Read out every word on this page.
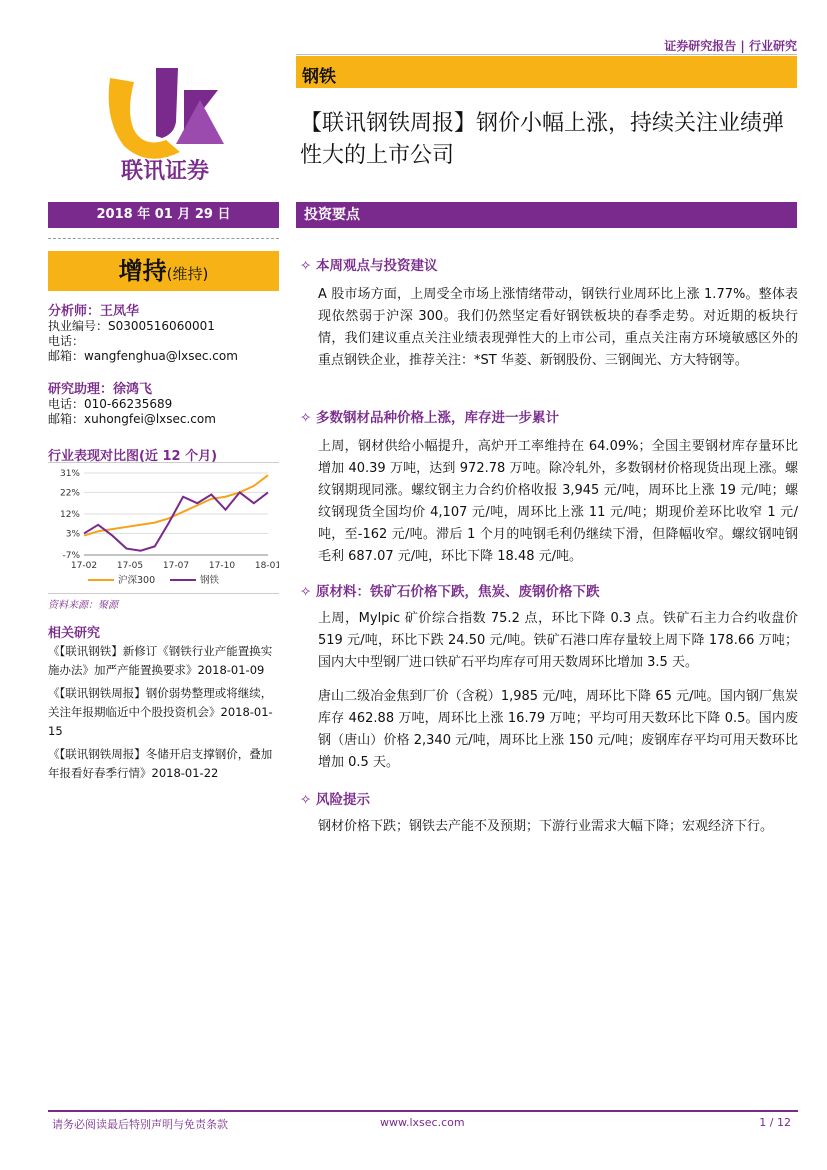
证券研究报告 | 行业研究
联讯证券
钢铁
【联讯钢铁周报】钢价小幅上涨，持续关注业绩弹性大的上市公司
2018 年 01 月 29 日	投资要点
增持(维持)
分析师：王凤华
执业编号：S0300516060001
电话：
邮箱：wangfenghua@lxsec.com
研究助理：徐鸿飞
电话：010-66235689
邮箱：xuhongfei@lxsec.com
行业表现对比图(近 12 个月)
31%
22%
12%
3%
-7%
17-02 17-05 17-07 17-10 18-01
沪深300	钢铁
资料来源：聚源
相关研究
《【联讯钢铁】新修订《钢铁行业产能置换实施办法》加严产能置换要求》2018-01-09
《【联讯钢铁周报】钢价弱势整理或将继续，关注年报期临近中个股投资机会》2018-01-15
《【联讯钢铁周报】冬储开启支撑钢价，叠加年报看好春季行情》2018-01-22
✧ 本周观点与投资建议
A 股市场方面，上周受全市场上涨情绪带动，钢铁行业周环比上涨 1.77%。整体表现依然弱于沪深 300。我们仍然坚定看好钢铁板块的春季走势。对近期的板块行情，我们建议重点关注业绩表现弹性大的上市公司，重点关注南方环境敏感区外的重点钢铁企业，推荐关注：*ST 华菱、新钢股份、三钢闽光、方大特钢等。
✧ 多数钢材品种价格上涨，库存进一步累计
上周，钢材供给小幅提升，高炉开工率维持在 64.09%；全国主要钢材库存量环比增加 40.39 万吨，达到 972.78 万吨。除冷轧外，多数钢材价格现货出现上涨。螺纹钢期现同涨。螺纹钢主力合约价格收报 3,945 元/吨，周环比上涨 19 元/吨；螺纹钢现货全国均价 4,107 元/吨，周环比上涨 11 元/吨；期现价差环比收窄 1 元/吨，至-162 元/吨。滞后 1 个月的吨钢毛利仍继续下滑，但降幅收窄。螺纹钢吨钢毛利 687.07 元/吨，环比下降 18.48 元/吨。
✧ 原材料：铁矿石价格下跌，焦炭、废钢价格下跌
上周，Mylpic 矿价综合指数 75.2 点，环比下降 0.3 点。铁矿石主力合约收盘价 519 元/吨，环比下跌 24.50 元/吨。铁矿石港口库存量较上周下降 178.66 万吨；国内大中型钢厂进口铁矿石平均库存可用天数周环比增加 3.5 天。
唐山二级冶金焦到厂价（含税）1,985 元/吨，周环比下降 65 元/吨。国内钢厂焦炭库存 462.88 万吨，周环比上涨 16.79 万吨；平均可用天数环比下降 0.5。国内废钢（唐山）价格 2,340 元/吨，周环比上涨 150 元/吨；废钢库存平均可用天数环比增加 0.5 天。
✧ 风险提示
钢材价格下跌；钢铁去产能不及预期；下游行业需求大幅下降；宏观经济下行。
请务必阅读最后特别声明与免责条款	www.lxsec.com	1 / 12
